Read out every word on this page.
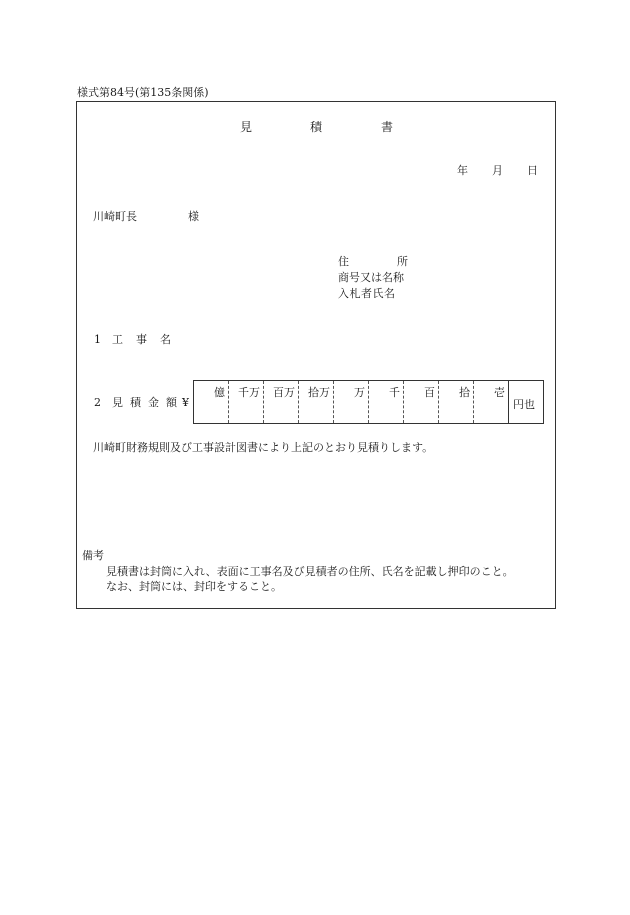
様式第84号(第135条関係)
見	積	書
年 月 日
川崎町長	様
住	所
商号又は名称
入札者氏名
1 工 事 名
2 見 積 金 額 ¥
億 千万 百万 拾万 万 千 百 拾 壱
円也
川崎町財務規則及び工事設計図書により上記のとおり見積りします。
備考
見積書は封筒に入れ、表面に工事名及び見積者の住所、氏名を記載し押印のこと。
なお、封筒には、封印をすること。
